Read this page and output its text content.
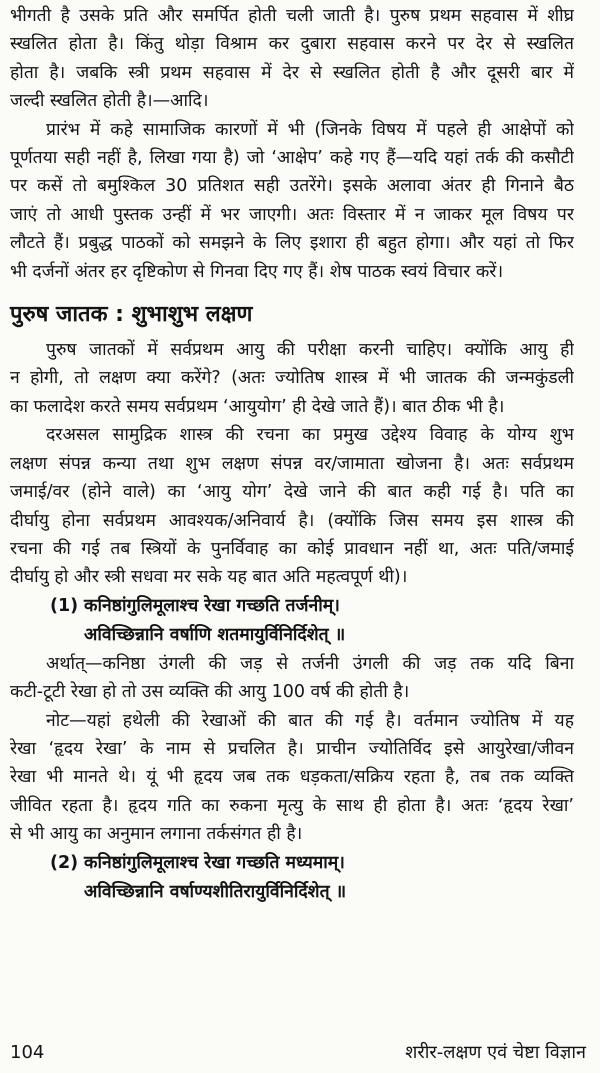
भीगती है उसके प्रति और समर्पित होती चली जाती है। पुरुष प्रथम सहवास में शीघ्र
स्खलित होता है। किंतु थोड़ा विश्राम कर दुबारा सहवास करने पर देर से स्खलित
होता है। जबकि स्त्री प्रथम सहवास में देर से स्खलित होती है और दूसरी बार में
जल्दी स्खलित होती है।—आदि।
प्रारंभ में कहे सामाजिक कारणों में भी (जिनके विषय में पहले ही आक्षेपों को
पूर्णतया सही नहीं है, लिखा गया है) जो ‘आक्षेप’ कहे गए हैं—यदि यहां तर्क की कसौटी
पर कसें तो बमुश्किल 30 प्रतिशत सही उतरेंगे। इसके अलावा अंतर ही गिनाने बैठ
जाएं तो आधी पुस्तक उन्हीं में भर जाएगी। अतः विस्तार में न जाकर मूल विषय पर
लौटते हैं। प्रबुद्ध पाठकों को समझने के लिए इशारा ही बहुत होगा। और यहां तो फिर
भी दर्जनों अंतर हर दृष्टिकोण से गिनवा दिए गए हैं। शेष पाठक स्वयं विचार करें।
पुरुष जातक : शुभाशुभ लक्षण
पुरुष जातकों में सर्वप्रथम आयु की परीक्षा करनी चाहिए। क्योंकि आयु ही
न होगी, तो लक्षण क्या करेंगे? (अतः ज्योतिष शास्त्र में भी जातक की जन्मकुंडली
का फलादेश करते समय सर्वप्रथम ‘आयुयोग’ ही देखे जाते हैं)। बात ठीक भी है।
दरअसल सामुद्रिक शास्त्र की रचना का प्रमुख उद्देश्य विवाह के योग्य शुभ
लक्षण संपन्न कन्या तथा शुभ लक्षण संपन्न वर/जामाता खोजना है। अतः सर्वप्रथम
जमाई/वर (होने वाले) का ‘आयु योग’ देखे जाने की बात कही गई है। पति का
दीर्घायु होना सर्वप्रथम आवश्यक/अनिवार्य है। (क्योंकि जिस समय इस शास्त्र की
रचना की गई तब स्त्रियों के पुनर्विवाह का कोई प्रावधान नहीं था, अतः पति/जमाई
दीर्घायु हो और स्त्री सधवा मर सके यह बात अति महत्वपूर्ण थी)।
(1) कनिष्ठांगुलिमूलाश्च रेखा गच्छति तर्जनीम्।
अविच्छिन्नानि वर्षाणि शतमायुर्विनिर्दिशेत् ॥
अर्थात्—कनिष्ठा उंगली की जड़ से तर्जनी उंगली की जड़ तक यदि बिना
कटी-टूटी रेखा हो तो उस व्यक्ति की आयु 100 वर्ष की होती है।
नोट—यहां हथेली की रेखाओं की बात की गई है। वर्तमान ज्योतिष में यह
रेखा ‘हृदय रेखा’ के नाम से प्रचलित है। प्राचीन ज्योतिर्विद इसे आयुरेखा/जीवन
रेखा भी मानते थे। यूं भी हृदय जब तक धड़कता/सक्रिय रहता है, तब तक व्यक्ति
जीवित रहता है। हृदय गति का रुकना मृत्यु के साथ ही होता है। अतः ‘हृदय रेखा’
से भी आयु का अनुमान लगाना तर्कसंगत ही है।
(2) कनिष्ठांगुलिमूलाश्च रेखा गच्छति मध्यमाम्।
अविच्छिन्नानि वर्षाण्यशीतिरायुर्विनिर्दिशेत् ॥
104	शरीर-लक्षण एवं चेष्टा विज्ञान
